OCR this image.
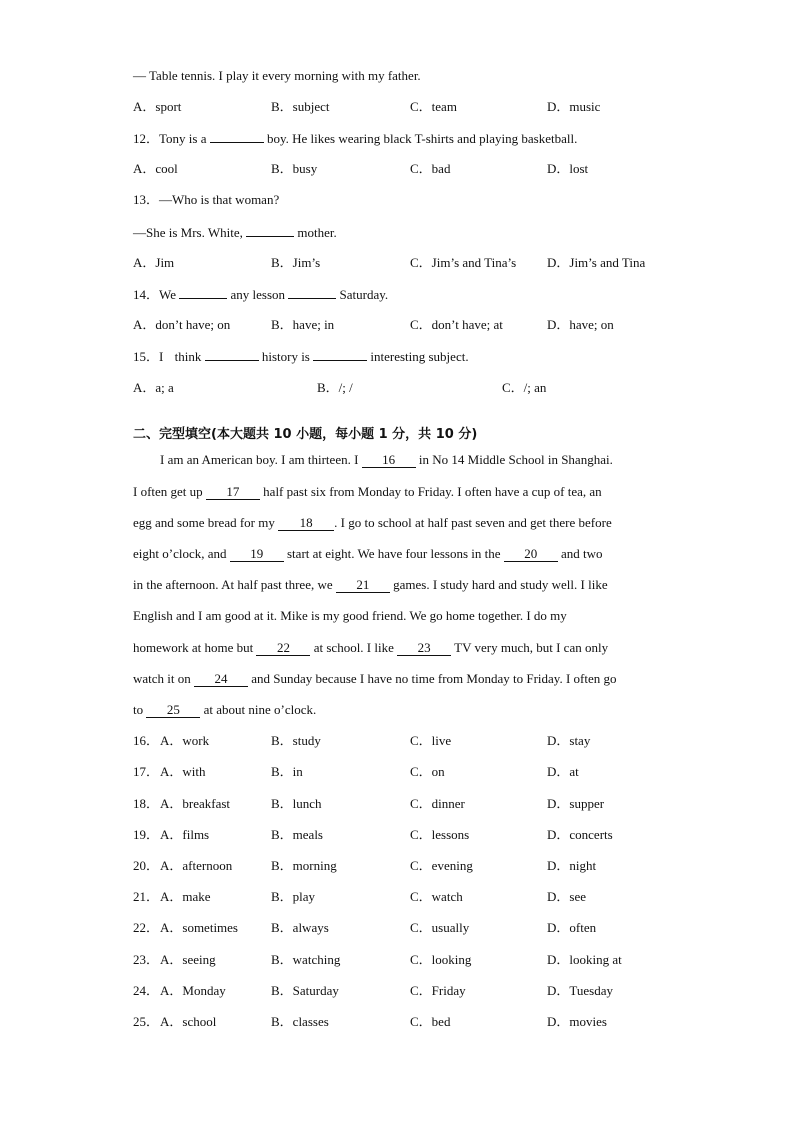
— Table tennis. I play it every morning with my father.
A．sport	B．subject	C．team	D．music
12．Tony is a	boy. He likes wearing black T-shirts and playing basketball.
A．cool	B．busy	C．bad	D．lost
13．—Who is that woman?
—She is Mrs. White,	mother.
A．Jim	B．Jim’s	C．Jim’s and Tina’s D．Jim’s and Tina
14．We	any lesson	Saturday.
A．don’t have; on	B．have; in	C．don’t have; at	D．have; on
15．I think	history is	interesting subject.
A．a; a	B．/; /	C．/; an
二、完型填空(本大题共 10 小题，每小题 1 分，共 10 分)
I am an American boy. I am thirteen. I 16 in No 14 Middle School in Shanghai.
I often get up 17 half past six from Monday to Friday. I often have a cup of tea, an
egg and some bread for my 18 . I go to school at half past seven and get there before
eight o’clock, and 19 start at eight. We have four lessons in the 20 and two
in the afternoon. At half past three, we 21 games. I study hard and study well. I like
English and I am good at it. Mike is my good friend. We go home together. I do my
homework at home but 22 at school. I like 23 TV very much, but I can only
watch it on 24 and Sunday because I have no time from Monday to Friday. I often go
to 25 at about nine o’clock.
16． A．work	B．study	C．live	D．stay
17． A．with	B．in	C．on	D．at
18． A．breakfast	B．lunch	C．dinner	D．supper
19． A．films	B．meals	C．lessons	D．concerts
20． A．afternoon	B．morning	C．evening	D．night
21． A．make	B．play	C．watch	D．see
22． A．sometimes	B．always	C．usually	D．often
23． A．seeing	B．watching	C．looking	D．looking at
24． A．Monday	B．Saturday	C．Friday	D．Tuesday
25． A．school	B．classes	C．bed	D．movies
